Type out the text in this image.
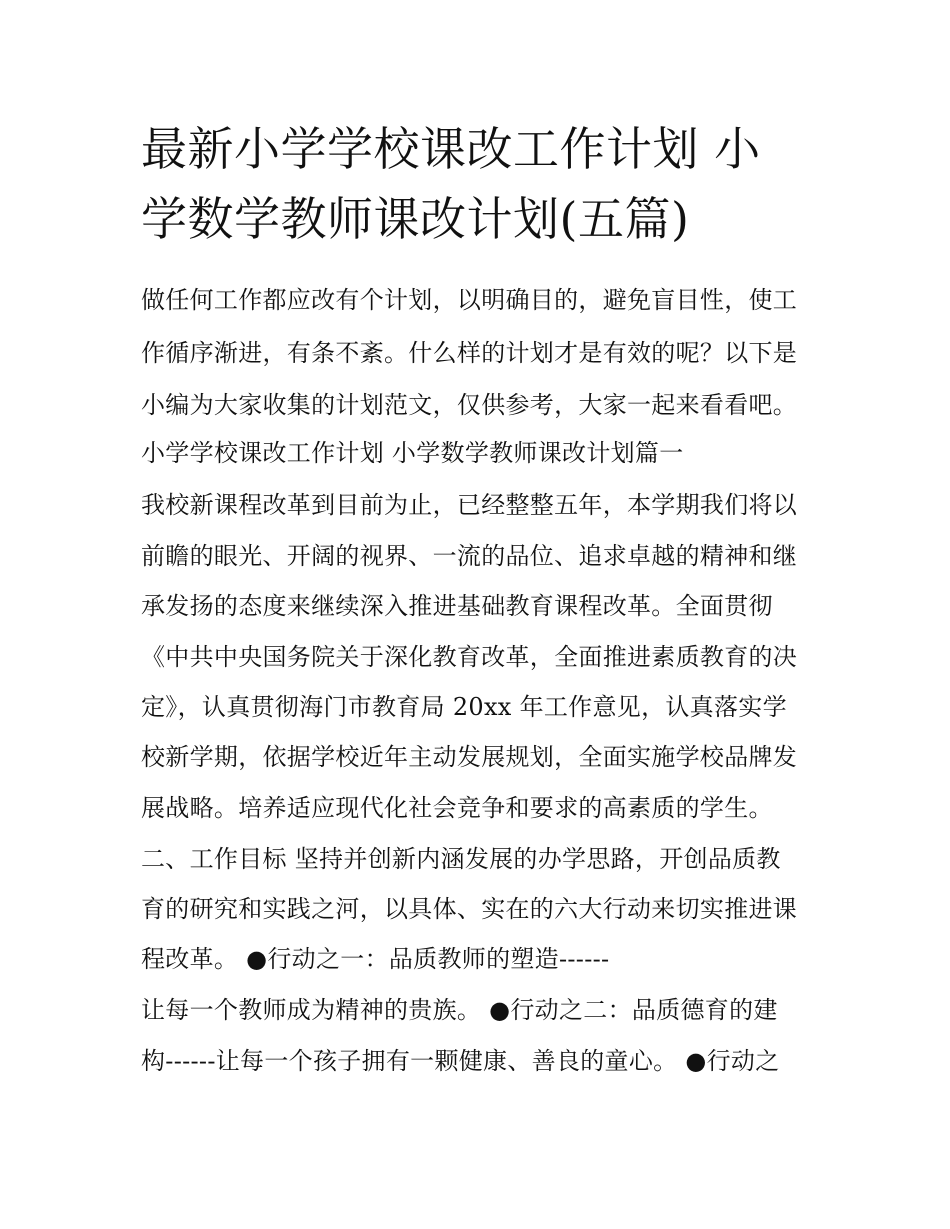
最新小学学校课改工作计划 小
学数学教师课改计划(五篇)
做任何工作都应改有个计划，以明确目的，避免盲目性，使工
作循序渐进，有条不紊。什么样的计划才是有效的呢？以下是
小编为大家收集的计划范文，仅供参考，大家一起来看看吧。
小学学校课改工作计划 小学数学教师课改计划篇一
我校新课程改革到目前为止，已经整整五年，本学期我们将以
前瞻的眼光、开阔的视界、一流的品位、追求卓越的精神和继
承发扬的态度来继续深入推进基础教育课程改革。全面贯彻
《中共中央国务院关于深化教育改革，全面推进素质教育的决
定》，认真贯彻海门市教育局 20xx 年工作意见，认真落实学
校新学期，依据学校近年主动发展规划，全面实施学校品牌发
展战略。培养适应现代化社会竞争和要求的高素质的学生。
二、工作目标 坚持并创新内涵发展的办学思路，开创品质教
育的研究和实践之河，以具体、实在的六大行动来切实推进课
程改革。 ●行动之一：品质教师的塑造------
让每一个教师成为精神的贵族。 ●行动之二：品质德育的建
构------让每一个孩子拥有一颗健康、善良的童心。 ●行动之
